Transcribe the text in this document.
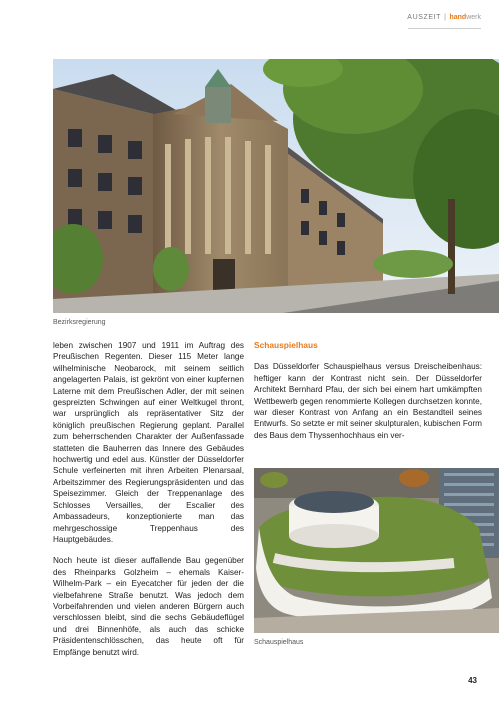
AUSZEIT | handwerk
Bezirksregierung

leben zwischen 1907 und 1911 im Auftrag des Preußischen Regenten. Dieser 115 Meter lange wilhelminische Neobarock, mit seinem seitlich angelagerten Palais, ist gekrönt von einer kupfernen Laterne mit dem Preußischen Adler, der mit seinen gespreizten Schwingen auf einer Weltkugel thront, war ursprünglich als repräsentativer Sitz der königlich preußischen Regierung geplant. Parallel zum beherrschenden Charakter der Außenfassade statteten die Bauherren das Innere des Gebäudes hochwertig und edel aus. Künstler der Düsseldorfer Schule verfeinerten mit ihren Arbeiten Plenarsaal, Arbeitszimmer des Regierungspräsidenten und das Speisezimmer. Gleich der Treppenanlage des Schlosses Versailles, der Escalier des Ambassadeurs, konzeptionierte man das mehrgeschossige Treppenhaus des Hauptgebäudes.

Noch heute ist dieser auffallende Bau gegenüber des Rheinparks Golzheim – ehemals Kaiser-Wilhelm-Park – ein Eyecatcher für jeden der die vielbefahrene Straße benutzt. Was jedoch dem Vorbeifahrenden und vielen anderen Bürgern auch verschlossen bleibt, sind die sechs Gebäudeflügel und drei Binnenhöfe, als auch das schicke Präsidentenschlösschen, das heute oft für Empfänge benutzt wird.

Schauspielhaus

Das Düsseldorfer Schauspielhaus versus Dreischeibenhaus: heftiger kann der Kontrast nicht sein. Der Düsseldorfer Architekt Bernhard Pfau, der sich bei einem hart umkämpften Wettbewerb gegen renommierte Kollegen durchsetzen konnte, war dieser Kontrast von Anfang an ein Bestandteil seines Entwurfs. So setzte er mit seiner skulpturalen, kubischen Form des Baus dem Thyssenhochhaus ein ver-

Schauspielhaus
43
